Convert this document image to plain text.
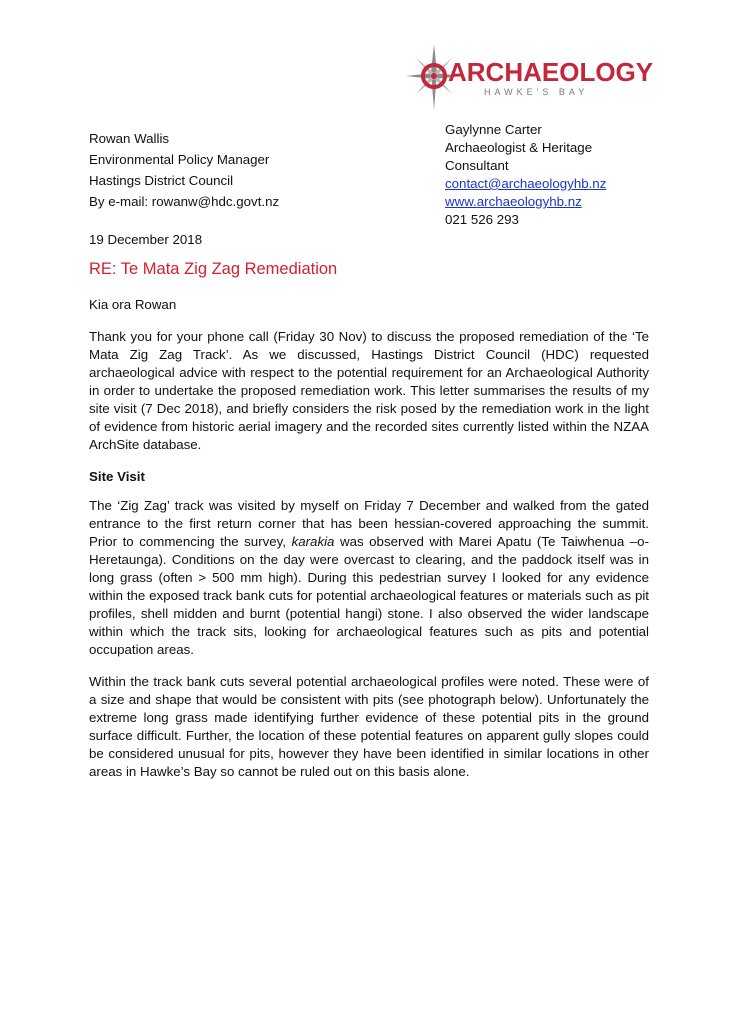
ARCHAEOLOGY
HAWKE'S BAY
Gaylynne Carter
Archaeologist & Heritage
Consultant
contact@archaeologyhb.nz
www.archaeologyhb.nz
021 526 293
Rowan Wallis
Environmental Policy Manager
Hastings District Council
By e-mail: rowanw@hdc.govt.nz
19 December 2018
RE: Te Mata Zig Zag Remediation
Kia ora Rowan

Thank you for your phone call (Friday 30 Nov) to discuss the proposed remediation of the ‘Te Mata Zig Zag Track’. As we discussed, Hastings District Council (HDC) requested archaeological advice with respect to the potential requirement for an Archaeological Authority in order to undertake the proposed remediation work. This letter summarises the results of my site visit (7 Dec 2018), and briefly considers the risk posed by the remediation work in the light of evidence from historic aerial imagery and the recorded sites currently listed within the NZAA ArchSite database.

Site Visit

The ‘Zig Zag’ track was visited by myself on Friday 7 December and walked from the gated entrance to the first return corner that has been hessian-covered approaching the summit. Prior to commencing the survey, karakia was observed with Marei Apatu (Te Taiwhenua –o-Heretaunga). Conditions on the day were overcast to clearing, and the paddock itself was in long grass (often > 500 mm high). During this pedestrian survey I looked for any evidence within the exposed track bank cuts for potential archaeological features or materials such as pit profiles, shell midden and burnt (potential hangi) stone. I also observed the wider landscape within which the track sits, looking for archaeological features such as pits and potential occupation areas.

Within the track bank cuts several potential archaeological profiles were noted. These were of a size and shape that would be consistent with pits (see photograph below). Unfortunately the extreme long grass made identifying further evidence of these potential pits in the ground surface difficult. Further, the location of these potential features on apparent gully slopes could be considered unusual for pits, however they have been identified in similar locations in other areas in Hawke’s Bay so cannot be ruled out on this basis alone.
